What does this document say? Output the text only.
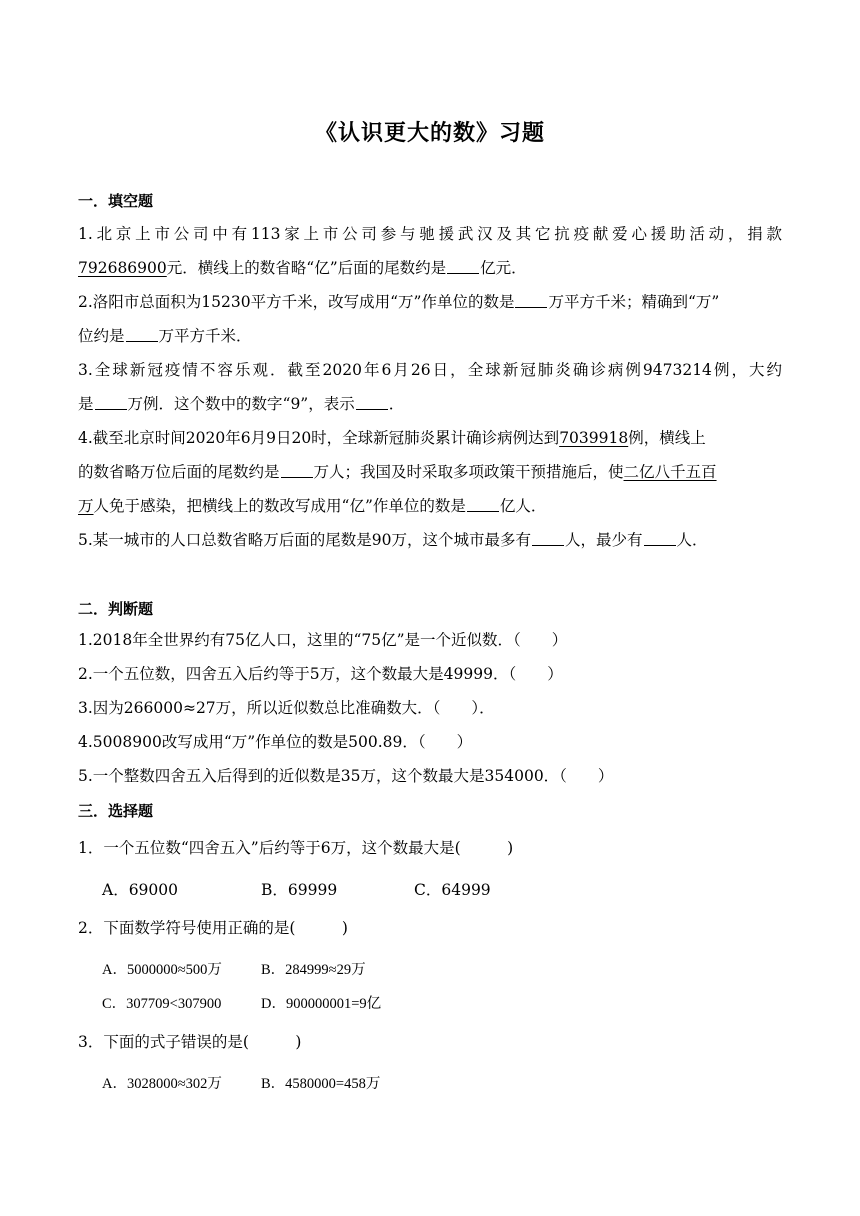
《认识更大的数》习题
一．填空题
1.北京上市公司中有113家上市公司参与驰援武汉及其它抗疫献爱心援助活动，捐款
792686900元．横线上的数省略“亿”后面的尾数约是 亿元．
2.洛阳市总面积为15230平方千米，改写成用“万”作单位的数是 万平方千米；精确到“万”
位约是 万平方千米．
3.全球新冠疫情不容乐观．截至2020年6月26日，全球新冠肺炎确诊病例9473214例，大约
是 万例．这个数中的数字“9”，表示 ．
4.截至北京时间2020年6月9日20时，全球新冠肺炎累计确诊病例达到7039918例，横线上
的数省略万位后面的尾数约是 万人；我国及时采取多项政策干预措施后，使二亿八千五百
万人免于感染，把横线上的数改写成用“亿”作单位的数是 亿人．
5.某一城市的人口总数省略万后面的尾数是90万，这个城市最多有 人，最少有 人．
二．判断题
1.2018年全世界约有75亿人口，这里的“75亿”是一个近似数．（　　）
2.一个五位数，四舍五入后约等于5万，这个数最大是49999．（　　）
3.因为266000≈27万，所以近似数总比准确数大．（　　）．
4.5008900改写成用“万”作单位的数是500.89．（　　）
5.一个整数四舍五入后得到的近似数是35万，这个数最大是354000．（　　）
三．选择题
1．一个五位数“四舍五入”后约等于6万，这个数最大是(　　　)
A．69000	B．69999	C．64999
2．下面数学符号使用正确的是(　　　)
A．5000000≈500万	B．284999≈29万
C．307709<307900	D．900000001=9亿
3．下面的式子错误的是(　　　)
A．3028000≈302万	B．4580000=458万
